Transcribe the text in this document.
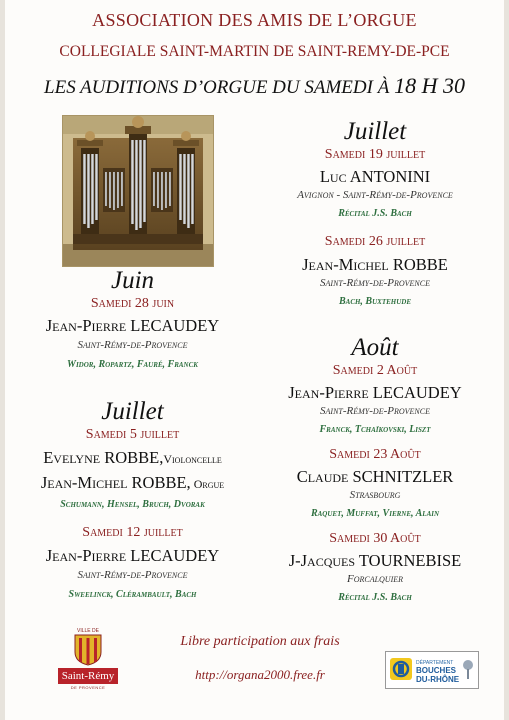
ASSOCIATION DES AMIS DE L’ORGUE
COLLEGIALE SAINT-MARTIN DE SAINT-REMY-DE-PCE
LES AUDITIONS D’ORGUE DU SAMEDI À 18 H 30
Juin
Samedi 28 juin
Jean-Pierre LECAUDEY
Saint-Rémy-de-Provence
Widor, Ropartz, Fauré, Franck
Juillet
Samedi 5 juillet
Evelyne ROBBE,Violoncelle
Jean-Michel ROBBE, Orgue
Schumann, Hensel, Bruch, Dvorak
Samedi 12 juillet
Jean-Pierre LECAUDEY
Saint-Rémy-de-Provence
Sweelinck, Clérambault, Bach
Juillet
Samedi 19 juillet
Luc ANTONINI
Avignon - Saint-Rémy-de-Provence
Récital J.S. Bach
Samedi 26 juillet
Jean-Michel ROBBE
Saint-Rémy-de-Provence
Bach, Buxtehude
Août
Samedi 2 Août
Jean-Pierre LECAUDEY
Saint-Rémy-de-Provence
Franck, Tchaïkovski, Liszt
Samedi 23 Août
Claude SCHNITZLER
Strasbourg
Raquet, Muffat, Vierne, Alain
Samedi 30 Août
J-Jacques TOURNEBISE
Forcalquier
Récital J.S. Bach
Libre participation aux frais
http://organa2000.free.fr
VILLE DE
Saint-Rémy
DE PROVENCE
DÉPARTEMENT
BOUCHES
DU-RHÔNE
